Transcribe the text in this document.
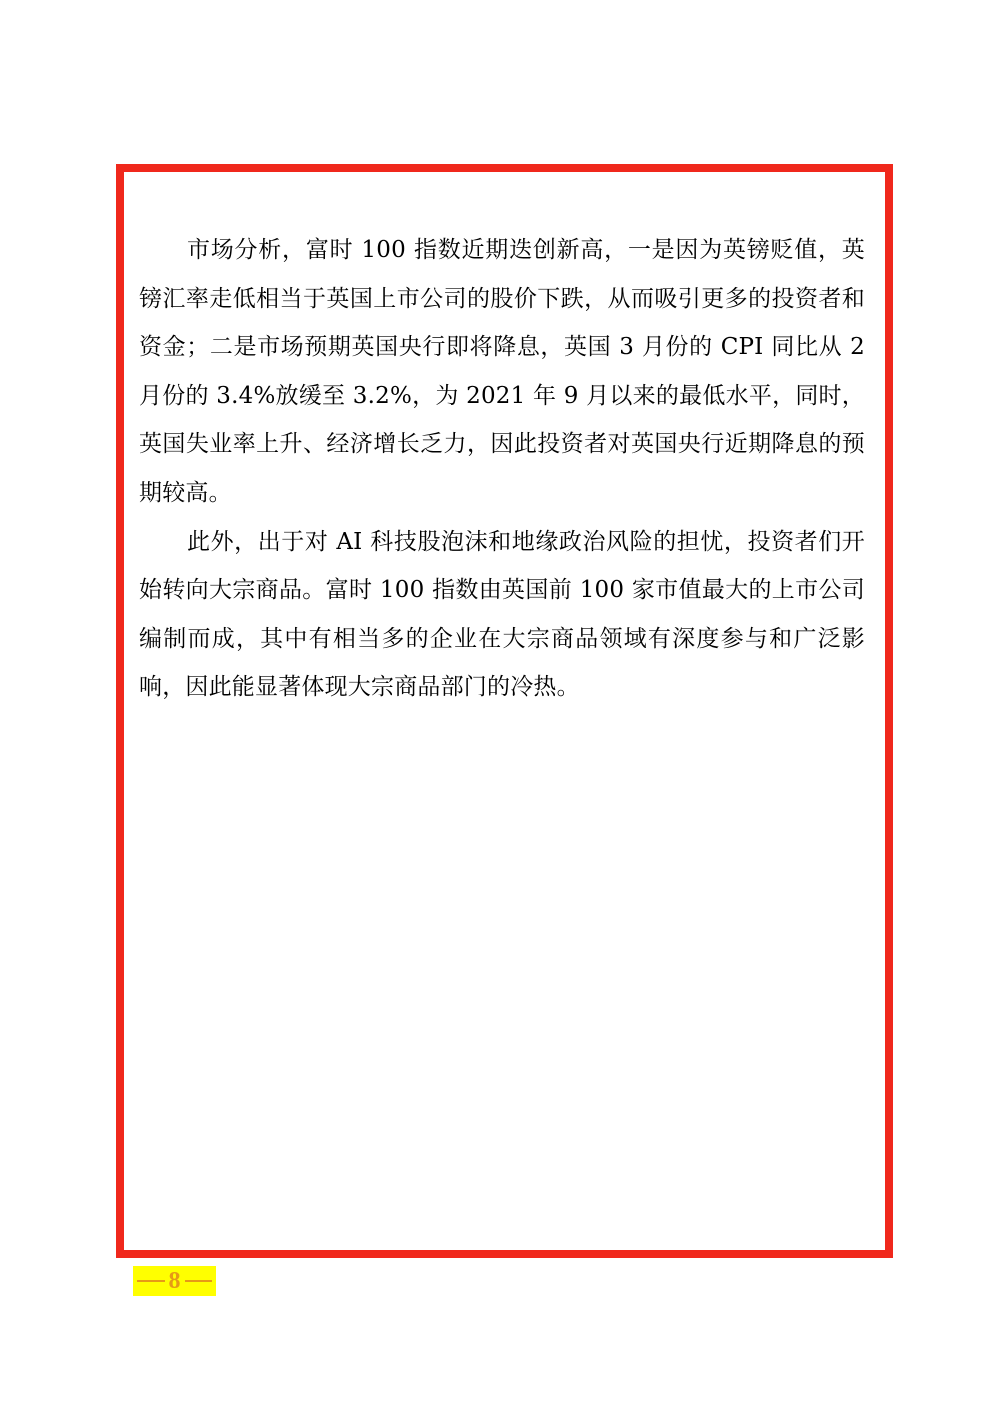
市场分析，富时 100 指数近期迭创新高，一是因为英镑贬值，英镑汇率走低相当于英国上市公司的股价下跌，从而吸引更多的投资者和资金；二是市场预期英国央行即将降息，英国 3 月份的 CPI 同比从 2 月份的 3.4%放缓至 3.2%，为 2021 年 9 月以来的最低水平，同时，英国失业率上升、经济增长乏力，因此投资者对英国央行近期降息的预期较高。

此外，出于对 AI 科技股泡沫和地缘政治风险的担忧，投资者们开始转向大宗商品。富时 100 指数由英国前 100 家市值最大的上市公司编制而成，其中有相当多的企业在大宗商品领域有深度参与和广泛影响，因此能显著体现大宗商品部门的冷热。

8
